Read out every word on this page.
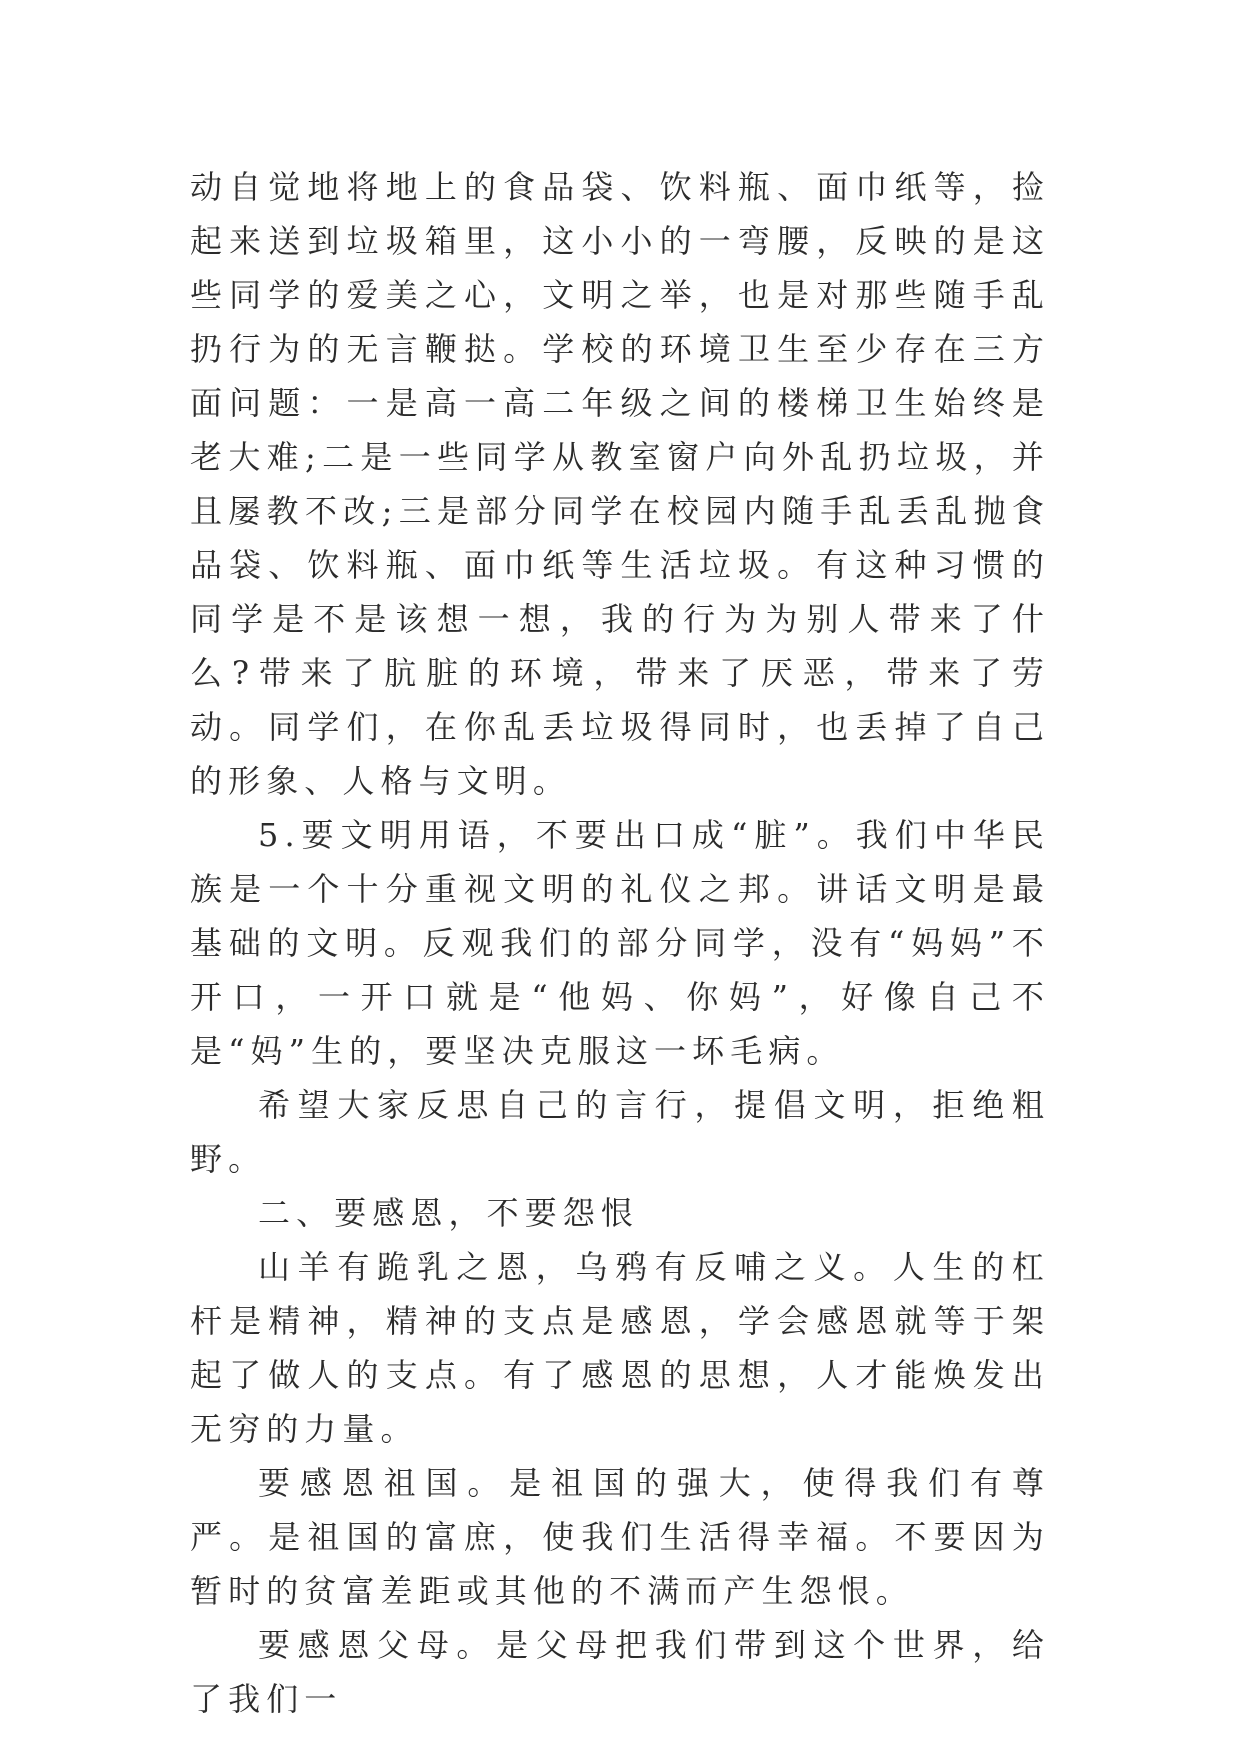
动自觉地将地上的食品袋、饮料瓶、面巾纸等，捡起来送到垃圾箱里，这小小的一弯腰，反映的是这些同学的爱美之心，文明之举，也是对那些随手乱扔行为的无言鞭挞。学校的环境卫生至少存在三方面问题：一是高一高二年级之间的楼梯卫生始终是老大难;二是一些同学从教室窗户向外乱扔垃圾，并且屡教不改;三是部分同学在校园内随手乱丢乱抛食品袋、饮料瓶、面巾纸等生活垃圾。有这种习惯的同学是不是该想一想，我的行为为别人带来了什么?带来了肮脏的环境，带来了厌恶，带来了劳动。同学们，在你乱丢垃圾得同时，也丢掉了自己的形象、人格与文明。

5.要文明用语，不要出口成“脏”。我们中华民族是一个十分重视文明的礼仪之邦。讲话文明是最基础的文明。反观我们的部分同学，没有“妈妈”不开口，一开口就是“他妈、你妈”，好像自己不是“妈”生的，要坚决克服这一坏毛病。

希望大家反思自己的言行，提倡文明，拒绝粗野。

二、要感恩，不要怨恨

山羊有跪乳之恩，乌鸦有反哺之义。人生的杠杆是精神，精神的支点是感恩，学会感恩就等于架起了做人的支点。有了感恩的思想，人才能焕发出无穷的力量。

要感恩祖国。是祖国的强大，使得我们有尊严。是祖国的富庶，使我们生活得幸福。不要因为暂时的贫富差距或其他的不满而产生怨恨。

要感恩父母。是父母把我们带到这个世界，给了我们一
